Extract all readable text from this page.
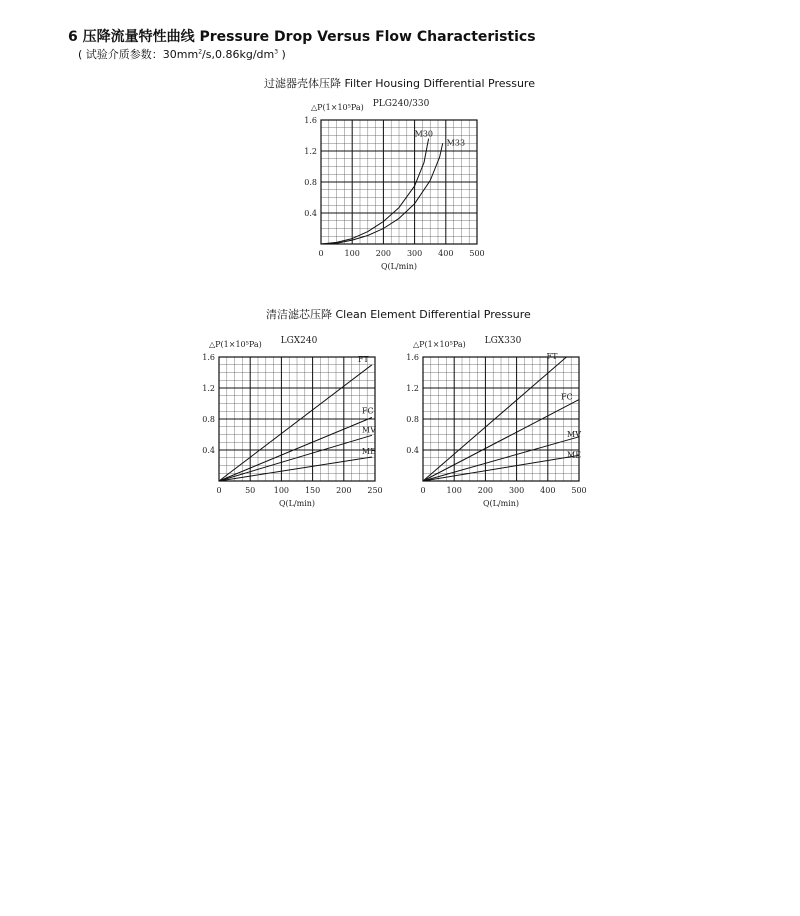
6 压降流量特性曲线 Pressure Drop Versus Flow Characteristics
( 试验介质参数：$30mm^2/s,0.86kg/dm^3$ )
过滤器壳体压降 Filter Housing Differential Pressure
清洁滤芯压降 Clean Element Differential Pressure
0	100 200 300 400 500
0.4
0.8
1.2
1.6
△P(1×10⁵Pa)
Q(L/min)
PLG240/330
M30
M33
0	50 100 150 200 250
0.4
0.8
1.2
1.6
△P(1×10⁵Pa)
Q(L/min)
LGX240
FT
FC
MV
ME
0	100 200 300 400 500
0.4
0.8
1.2
1.6
△P(1×10⁵Pa)
Q(L/min)
LGX330
FT
FC
MV
ME
